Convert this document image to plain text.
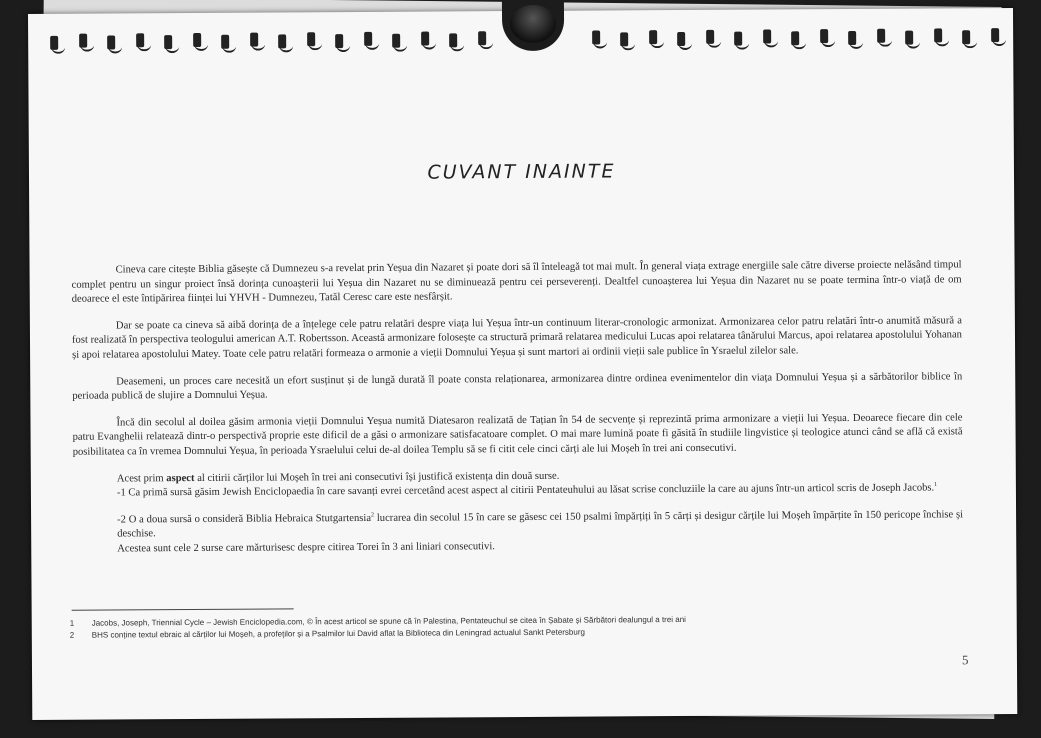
CUVANT INAINTE

Cineva care citește Biblia găsește că Dumnezeu s-a revelat prin Yeșua din Nazaret și poate dori să îl înteleagă tot mai mult. În general viața extrage energiile sale către diverse proiecte nelăsând timpul complet pentru un singur proiect însă dorința cunoașterii lui Yeșua din Nazaret nu se diminuează pentru cei perseverenți. Dealtfel cunoașterea lui Yeșua din Nazaret nu se poate termina într-o viață de om deoarece el este întipărirea ființei lui YHVH - Dumnezeu, Tatăl Ceresc care este nesfârșit.

Dar se poate ca cineva să aibă dorința de a înțelege cele patru relatări despre viața lui Yeșua într-un continuum literar-cronologic armonizat. Armonizarea celor patru relatări într-o anumită măsură a fost realizată în perspectiva teologului american A.T. Robertsson. Această armonizare folosește ca structură primară relatarea medicului Lucas apoi relatarea tânărului Marcus, apoi relatarea apostolului Yohanan și apoi relatarea apostolului Matey. Toate cele patru relatări formeaza o armonie a vieții Domnului Yeșua și sunt martori ai ordinii vieții sale publice în Ysraelul zilelor sale.

Deasemeni, un proces care necesită un efort susținut și de lungă durată îl poate consta relaționarea, armonizarea dintre ordinea evenimentelor din viața Domnului Yeșua și a sărbătorilor biblice în perioada publică de slujire a Domnului Yeșua.

Încă din secolul al doilea găsim armonia vieții Domnului Yeșua numită Diatesaron realizată de Tațian în 54 de secvențe și reprezintă prima armonizare a vieții lui Yeșua. Deoarece fiecare din cele patru Evanghelii relatează dintr-o perspectivă proprie este dificil de a găsi o armonizare satisfacatoare complet. O mai mare lumină poate fi găsită în studiile lingvistice și teologice atunci când se află că există posibilitatea ca în vremea Domnului Yeșua, în perioada Ysraelului celui de-al doilea Templu să se fi citit cele cinci cărți ale lui Moșeh în trei ani consecutivi.

Acest prim aspect al citirii cărților lui Moșeh în trei ani consecutivi își justifică existența din două surse.

-1 Ca primă sursă găsim Jewish Enciclopaedia în care savanți evrei cercetând acest aspect al citirii Pentateuhului au lăsat scrise concluziile la care au ajuns într-un articol scris de Joseph Jacobs.$^1$

-2 O a doua sursă o consideră Biblia Hebraica Stutgartensia$^2$ lucrarea din secolul 15 în care se găsesc cei 150 psalmi împărțiți în 5 cărți și desigur cărțile lui Moșeh împărțite în 150 pericope închise și deschise.

Acestea sunt cele 2 surse care mărturisesc despre citirea Torei în 3 ani liniari consecutivi.

1	Jacobs, Joseph, Triennial Cycle – Jewish Enciclopedia.com, © În acest articol se spune că în Palestina, Pentateuchul se citea în Șabate și Sărbători dealungul a trei ani
2	BHS conține textul ebraic al cărților lui Moșeh, a profeților și a Psalmilor lui David aflat la Biblioteca din Leningrad actualul Sankt Petersburg
5
